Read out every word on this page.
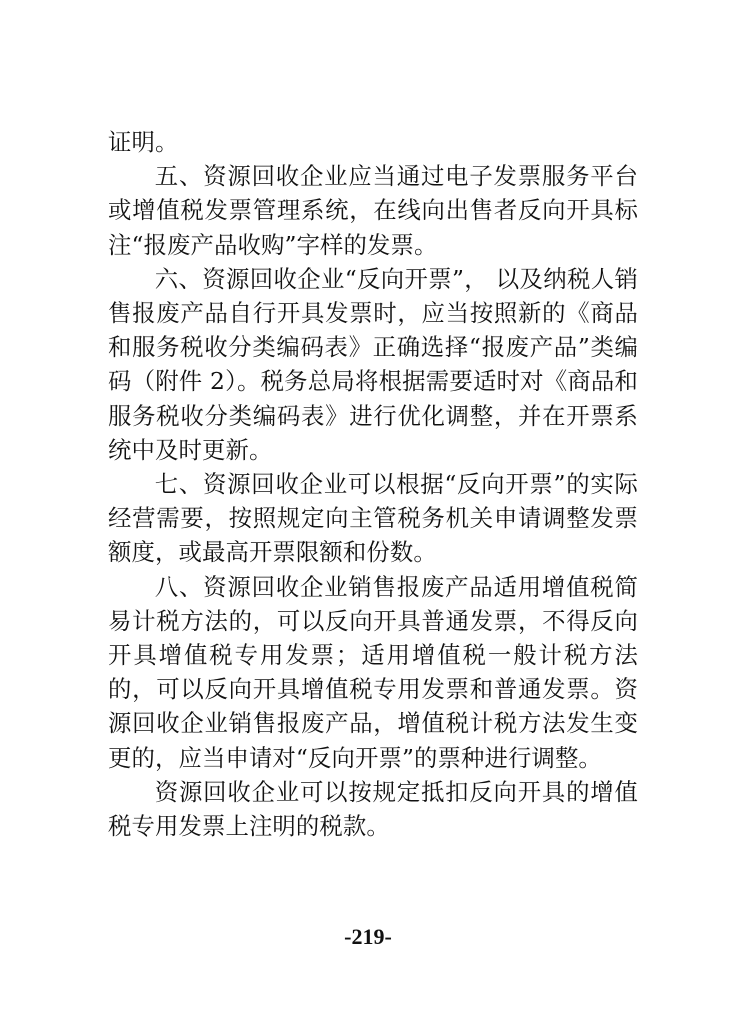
证明。

五、资源回收企业应当通过电子发票服务平台或增值税发票管理系统，在线向出售者反向开具标注“报废产品收购”字样的发票。

六、资源回收企业“反向开票”， 以及纳税人销售报废产品自行开具发票时，应当按照新的《商品和服务税收分类编码表》正确选择“报废产品”类编码（附件 2）。税务总局将根据需要适时对《商品和服务税收分类编码表》进行优化调整，并在开票系统中及时更新。

七、资源回收企业可以根据“反向开票”的实际经营需要，按照规定向主管税务机关申请调整发票额度，或最高开票限额和份数。

八、资源回收企业销售报废产品适用增值税简易计税方法的，可以反向开具普通发票，不得反向开具增值税专用发票；适用增值税一般计税方法的，可以反向开具增值税专用发票和普通发票。资源回收企业销售报废产品，增值税计税方法发生变更的，应当申请对“反向开票”的票种进行调整。

资源回收企业可以按规定抵扣反向开具的增值税专用发票上注明的税款。

-219-
